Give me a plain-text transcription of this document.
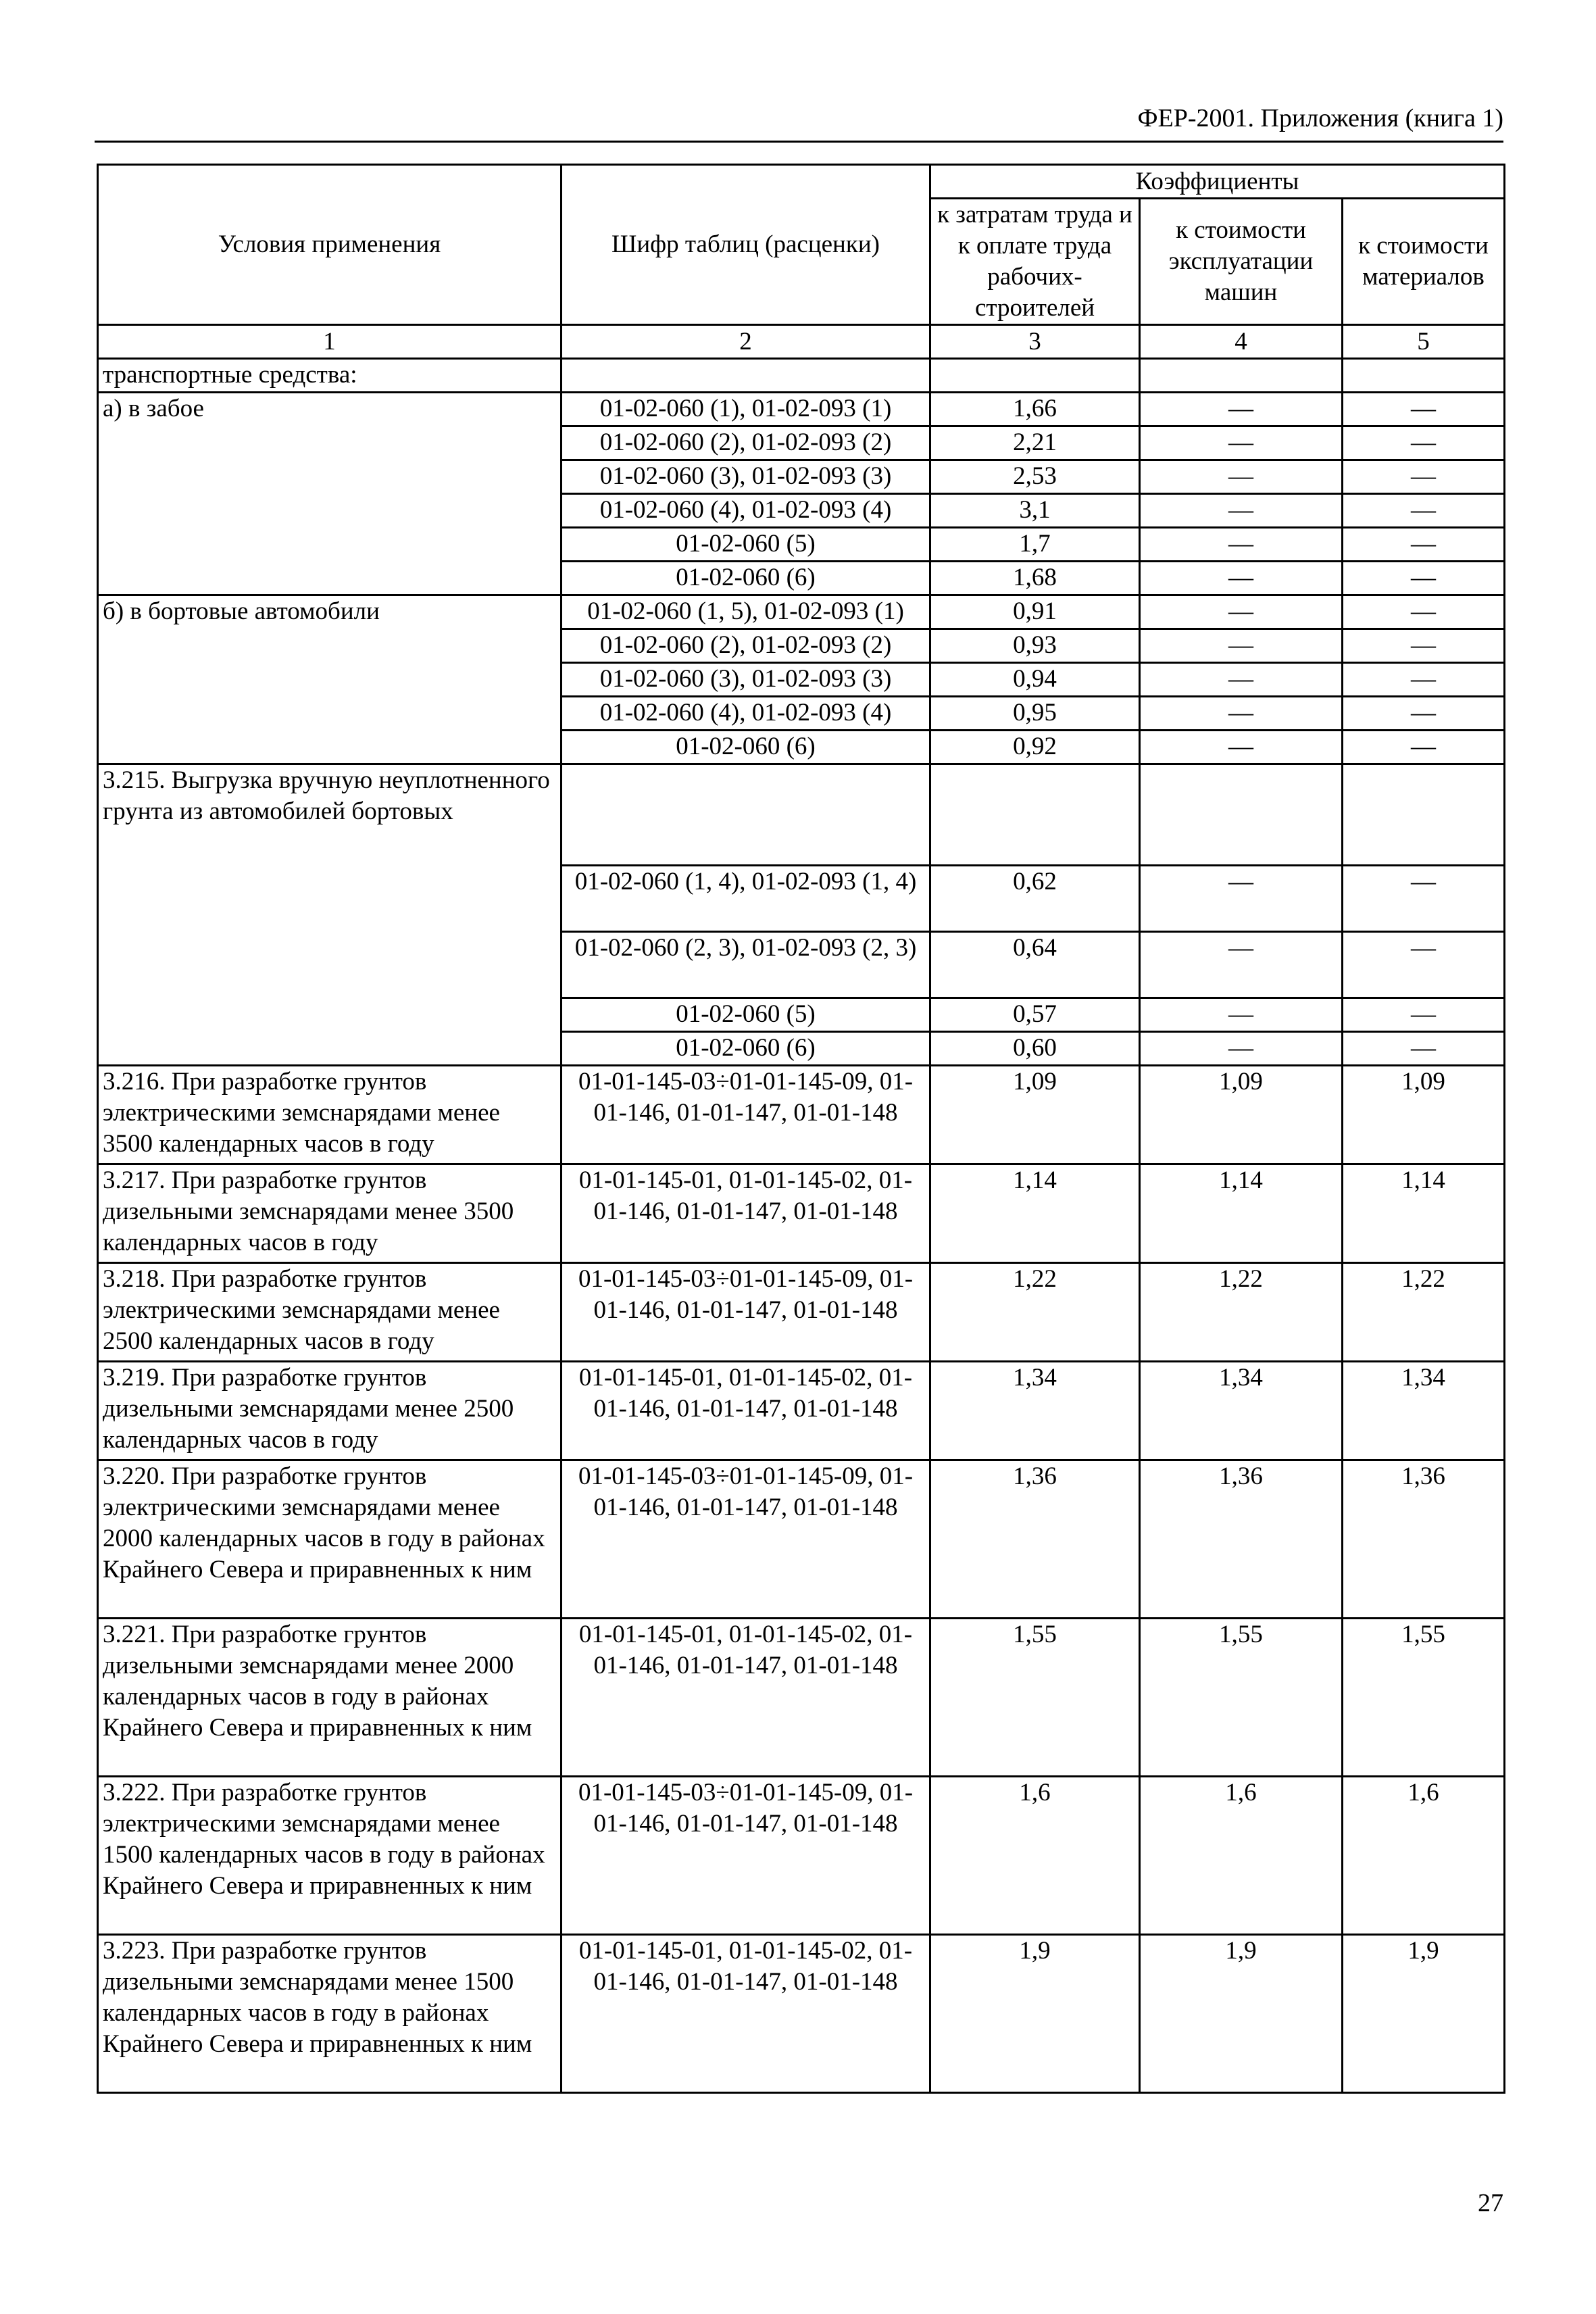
ФЕР-2001. Приложения (книга 1)
Условия применения	Шифр таблиц (расценки)	Коэффициенты		
		к затратам труда и к оплате труда рабочих-строителей	к стоимости эксплуатации машин	к стоимости материалов
1	2	3	4	5
транспортные средства:				
а) в забое	01-02-060 (1), 01-02-093 (1)	1,66	—	—
	01-02-060 (2), 01-02-093 (2)	2,21	—	—
	01-02-060 (3), 01-02-093 (3)	2,53	—	—
	01-02-060 (4), 01-02-093 (4)	3,1	—	—
	01-02-060 (5)	1,7	—	—
	01-02-060 (6)	1,68	—	—
б) в бортовые автомобили	01-02-060 (1, 5), 01-02-093 (1)	0,91	—	—
	01-02-060 (2), 01-02-093 (2)	0,93	—	—
	01-02-060 (3), 01-02-093 (3)	0,94	—	—
	01-02-060 (4), 01-02-093 (4)	0,95	—	—
	01-02-060 (6)	0,92	—	—
3.215. Выгрузка вручную неуплотненного грунта из автомобилей бортовых				
	01-02-060 (1, 4), 01-02-093 (1, 4)	0,62	—	—
	01-02-060 (2, 3), 01-02-093 (2, 3)	0,64	—	—
	01-02-060 (5)	0,57	—	—
	01-02-060 (6)	0,60	—	—
3.216. При разработке грунтов электрическими земснарядами менее 3500 календарных часов в году	01-01-145-03÷01-01-145-09, 01-01-146, 01-01-147, 01-01-148	1,09	1,09	1,09
3.217. При разработке грунтов дизельными земснарядами менее 3500 календарных часов в году	01-01-145-01, 01-01-145-02, 01-01-146, 01-01-147, 01-01-148	1,14	1,14	1,14
3.218. При разработке грунтов электрическими земснарядами менее 2500 календарных часов в году	01-01-145-03÷01-01-145-09, 01-01-146, 01-01-147, 01-01-148	1,22	1,22	1,22
3.219. При разработке грунтов дизельными земснарядами менее 2500 календарных часов в году	01-01-145-01, 01-01-145-02, 01-01-146, 01-01-147, 01-01-148	1,34	1,34	1,34
3.220. При разработке грунтов электрическими земснарядами менее 2000 календарных часов в году в районах Крайнего Севера и приравненных к ним	01-01-145-03÷01-01-145-09, 01-01-146, 01-01-147, 01-01-148	1,36	1,36	1,36
3.221. При разработке грунтов дизельными земснарядами менее 2000 календарных часов в году в районах Крайнего Севера и приравненных к ним	01-01-145-01, 01-01-145-02, 01-01-146, 01-01-147, 01-01-148	1,55	1,55	1,55
3.222. При разработке грунтов электрическими земснарядами менее 1500 календарных часов в году в районах Крайнего Севера и приравненных к ним	01-01-145-03÷01-01-145-09, 01-01-146, 01-01-147, 01-01-148	1,6	1,6	1,6
3.223. При разработке грунтов дизельными земснарядами менее 1500 календарных часов в году в районах Крайнего Севера и приравненных к ним	01-01-145-01, 01-01-145-02, 01-01-146, 01-01-147, 01-01-148	1,9	1,9	1,9
27
